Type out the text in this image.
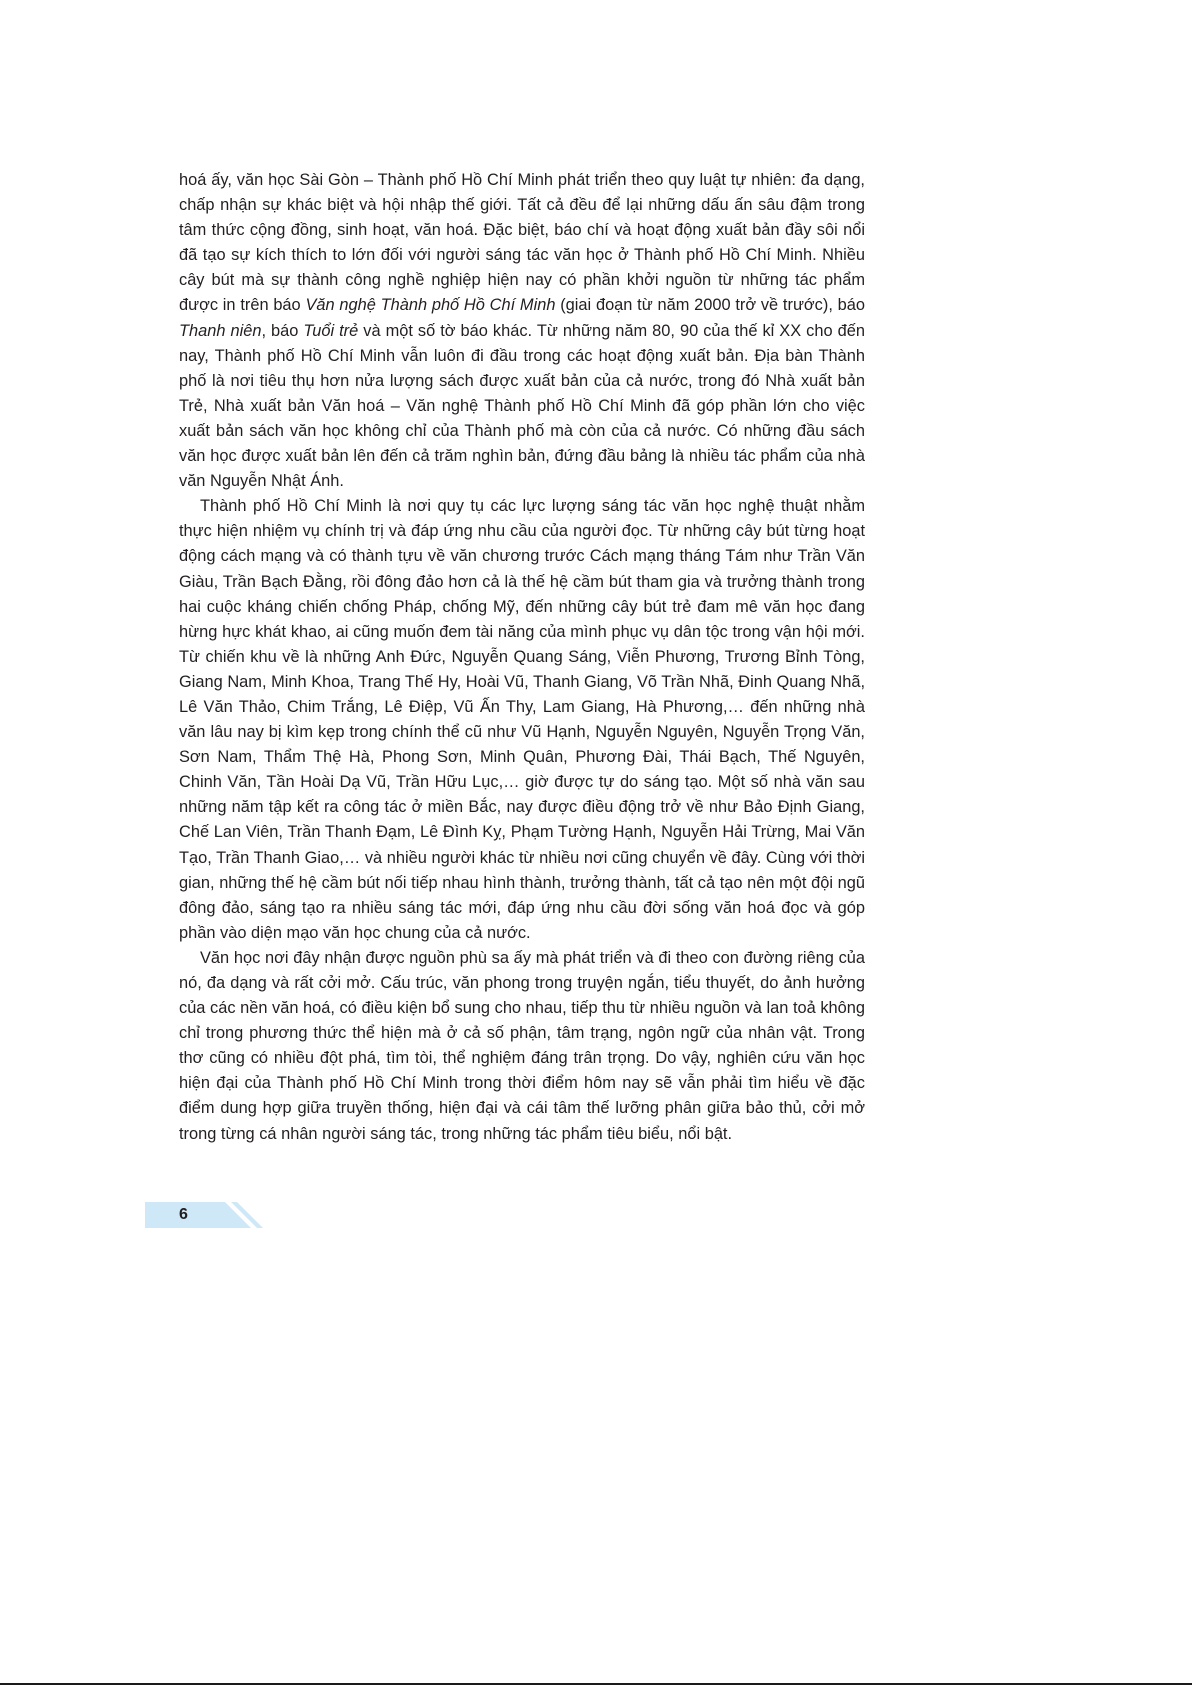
hoá ấy, văn học Sài Gòn – Thành phố Hồ Chí Minh phát triển theo quy luật tự nhiên: đa dạng, chấp nhận sự khác biệt và hội nhập thế giới. Tất cả đều để lại những dấu ấn sâu đậm trong tâm thức cộng đồng, sinh hoạt, văn hoá. Đặc biệt, báo chí và hoạt động xuất bản đầy sôi nổi đã tạo sự kích thích to lớn đối với người sáng tác văn học ở Thành phố Hồ Chí Minh. Nhiều cây bút mà sự thành công nghề nghiệp hiện nay có phần khởi nguồn từ những tác phẩm được in trên báo Văn nghệ Thành phố Hồ Chí Minh (giai đoạn từ năm 2000 trở về trước), báo Thanh niên, báo Tuổi trẻ và một số tờ báo khác. Từ những năm 80, 90 của thế kỉ XX cho đến nay, Thành phố Hồ Chí Minh vẫn luôn đi đầu trong các hoạt động xuất bản. Địa bàn Thành phố là nơi tiêu thụ hơn nửa lượng sách được xuất bản của cả nước, trong đó Nhà xuất bản Trẻ, Nhà xuất bản Văn hoá – Văn nghệ Thành phố Hồ Chí Minh đã góp phần lớn cho việc xuất bản sách văn học không chỉ của Thành phố mà còn của cả nước. Có những đầu sách văn học được xuất bản lên đến cả trăm nghìn bản, đứng đầu bảng là nhiều tác phẩm của nhà văn Nguyễn Nhật Ánh.

Thành phố Hồ Chí Minh là nơi quy tụ các lực lượng sáng tác văn học nghệ thuật nhằm thực hiện nhiệm vụ chính trị và đáp ứng nhu cầu của người đọc. Từ những cây bút từng hoạt động cách mạng và có thành tựu về văn chương trước Cách mạng tháng Tám như Trần Văn Giàu, Trần Bạch Đằng, rồi đông đảo hơn cả là thế hệ cầm bút tham gia và trưởng thành trong hai cuộc kháng chiến chống Pháp, chống Mỹ, đến những cây bút trẻ đam mê văn học đang hừng hực khát khao, ai cũng muốn đem tài năng của mình phục vụ dân tộc trong vận hội mới. Từ chiến khu về là những Anh Đức, Nguyễn Quang Sáng, Viễn Phương, Trương Bỉnh Tòng, Giang Nam, Minh Khoa, Trang Thế Hy, Hoài Vũ, Thanh Giang, Võ Trần Nhã, Đinh Quang Nhã, Lê Văn Thảo, Chim Trắng, Lê Điệp, Vũ Ấn Thy, Lam Giang, Hà Phương,… đến những nhà văn lâu nay bị kìm kẹp trong chính thể cũ như Vũ Hạnh, Nguyễn Nguyên, Nguyễn Trọng Văn, Sơn Nam, Thẩm Thệ Hà, Phong Sơn, Minh Quân, Phương Đài, Thái Bạch, Thế Nguyên, Chinh Văn, Tần Hoài Dạ Vũ, Trần Hữu Lục,… giờ được tự do sáng tạo. Một số nhà văn sau những năm tập kết ra công tác ở miền Bắc, nay được điều động trở về như Bảo Định Giang, Chế Lan Viên, Trần Thanh Đạm, Lê Đình Kỵ, Phạm Tường Hạnh, Nguyễn Hải Trừng, Mai Văn Tạo, Trần Thanh Giao,… và nhiều người khác từ nhiều nơi cũng chuyển về đây. Cùng với thời gian, những thế hệ cầm bút nối tiếp nhau hình thành, trưởng thành, tất cả tạo nên một đội ngũ đông đảo, sáng tạo ra nhiều sáng tác mới, đáp ứng nhu cầu đời sống văn hoá đọc và góp phần vào diện mạo văn học chung của cả nước.

Văn học nơi đây nhận được nguồn phù sa ấy mà phát triển và đi theo con đường riêng của nó, đa dạng và rất cởi mở. Cấu trúc, văn phong trong truyện ngắn, tiểu thuyết, do ảnh hưởng của các nền văn hoá, có điều kiện bổ sung cho nhau, tiếp thu từ nhiều nguồn và lan toả không chỉ trong phương thức thể hiện mà ở cả số phận, tâm trạng, ngôn ngữ của nhân vật. Trong thơ cũng có nhiều đột phá, tìm tòi, thể nghiệm đáng trân trọng. Do vậy, nghiên cứu văn học hiện đại của Thành phố Hồ Chí Minh trong thời điểm hôm nay sẽ vẫn phải tìm hiểu về đặc điểm dung hợp giữa truyền thống, hiện đại và cái tâm thế lưỡng phân giữa bảo thủ, cởi mở trong từng cá nhân người sáng tác, trong những tác phẩm tiêu biểu, nổi bật.

6
